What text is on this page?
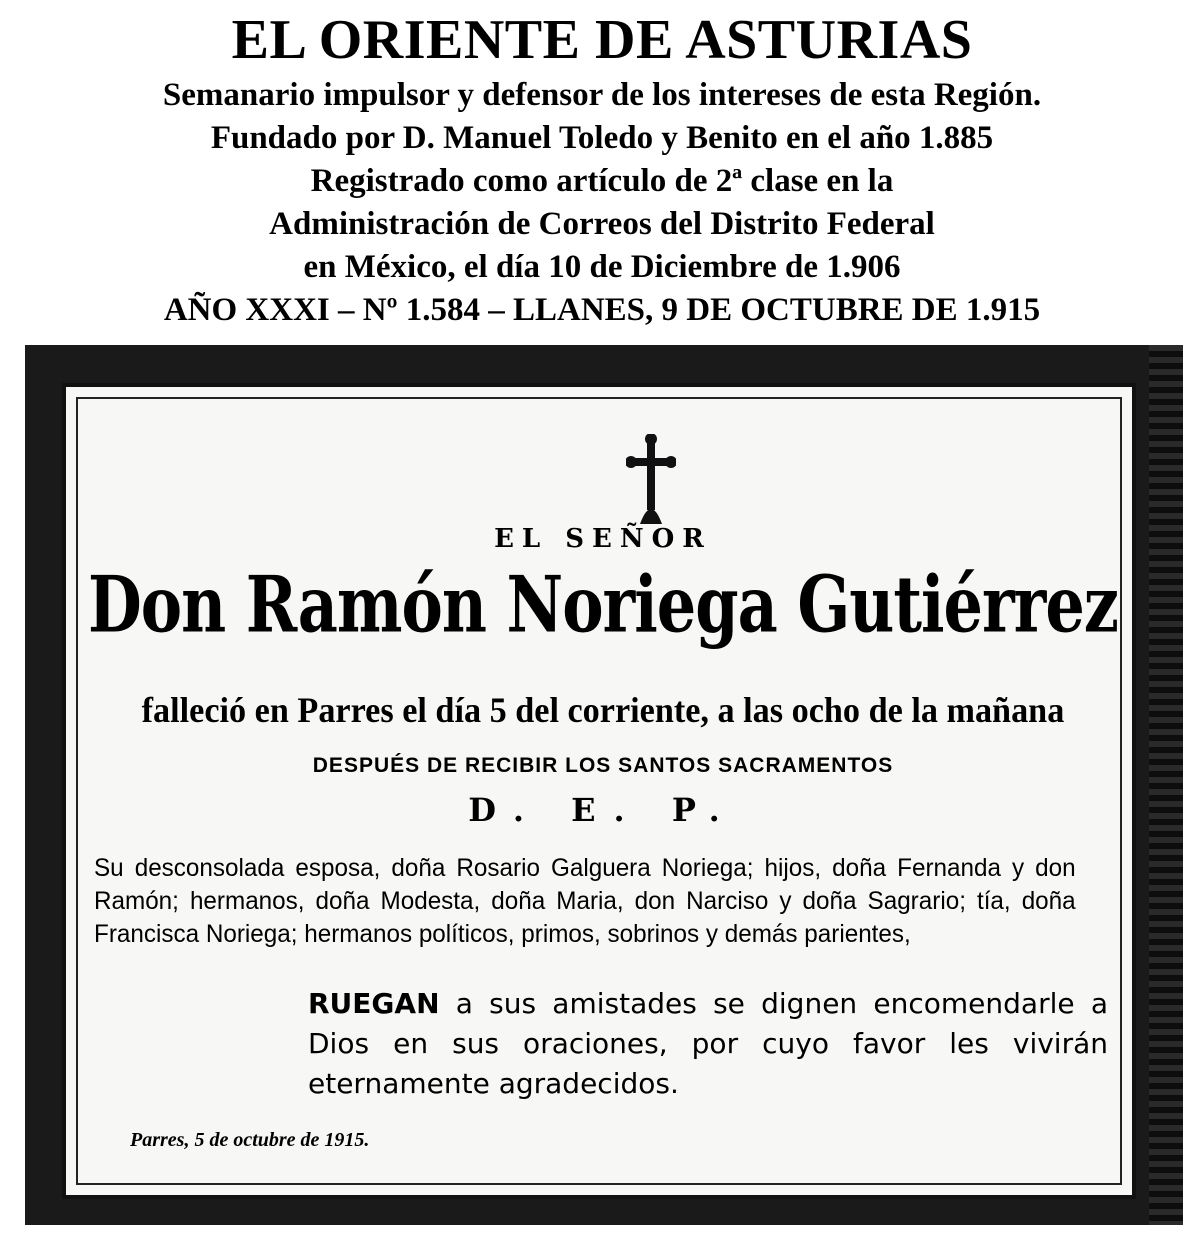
EL ORIENTE DE ASTURIAS
Semanario impulsor y defensor de los intereses de esta Región.
Fundado por D. Manuel Toledo y Benito en el año 1.885
Registrado como artículo de 2ª clase en la
Administración de Correos del Distrito Federal
en México, el día 10 de Diciembre de 1.906
AÑO XXXI – Nº 1.584 – LLANES, 9 DE OCTUBRE DE 1.915
EL SEÑOR
Don Ramón Noriega Gutiérrez
falleció en Parres el día 5 del corriente, a las ocho de la mañana
DESPUÉS DE RECIBIR LOS SANTOS SACRAMENTOS
D. E. P.
Su desconsolada esposa, doña Rosario Galguera Noriega; hijos, doña Fernanda y don Ramón; hermanos, doña Modesta, doña Maria, don Narciso y doña Sagrario; tía, doña Francisca Noriega; hermanos políticos, primos, sobrinos y demás parientes,
RUEGAN a sus amistades se dignen encomendarle a Dios en sus oraciones, por cuyo favor les vivirán eternamente agradecidos.
Parres, 5 de octubre de 1915.
